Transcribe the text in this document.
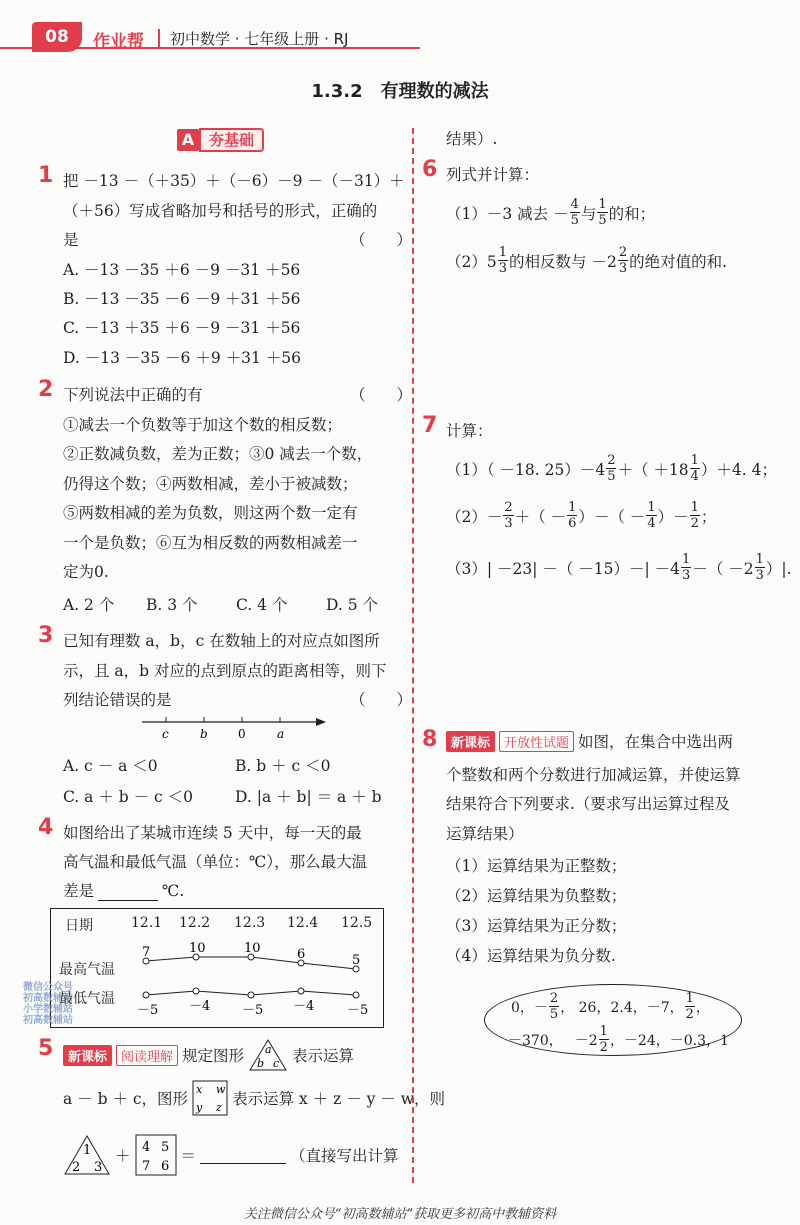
08	作业帮 初中数学 · 七年级上册 · RJ
1.3.2　有理数的减法
A 夯基础
1 把 －13 －（＋35）＋（－6）－9 －（－31）＋
（＋56）写成省略加号和括号的形式，正确的
是	（　　）
A. －13 －35 ＋6 －9 －31 ＋56
B. －13 －35 －6 －9 ＋31 ＋56
C. －13 ＋35 ＋6 －9 －31 ＋56
D. －13 －35 －6 ＋9 ＋31 ＋56
2 下列说法中正确的有	（　　）
①减去一个负数等于加这个数的相反数；
②正数减负数，差为正数；③0 减去一个数，
仍得这个数；④两数相减，差小于被减数；
⑤两数相减的差为负数，则这两个数一定有
一个是负数；⑥互为相反数的两数相减差一
定为0.
A. 2 个 B. 3 个 C. 4 个 D. 5 个
3 已知有理数 a，b，c 在数轴上的对应点如图所
示，且 a，b 对应的点到原点的距离相等，则下
列结论错误的是	（　　）
c	b	0	a
A. c － a ＜0	B. b ＋ c ＜0
C. a ＋ b － c ＜0	D. |a ＋ b| ＝ a ＋ b
4 如图给出了某城市连续 5 天中，每一天的最
高气温和最低气温（单位：℃），那么最大温
差是	℃.
日期	12.1 12.2 12.3 12.4 12.5
最高气温
最低气温
7	10	10	6	5
－5 －4 －5 －4	－5
微信公众号
初高数辅站
小学数辅站
初高数辅站
5	新课标	阅读理解 规定图形 a
b c 表示运算
a － b ＋ c，图形
x w
y z 表示运算 x ＋ z － y － w，则
1
2 3
＋ 4 5
7 6
＝	（直接写出计算
结果）.
6 列式并计算：
（1）－3 减去 － $\frac{4}{5}$ 与 $\frac{1}{5}$ 的和；
$(2)5 \frac{1}{3}$ 的相反数与 $-2 \frac{2}{3}$ 的绝对值的和.
7 计算：
（1）（ －18. $25)-4 \frac{2}{5}$ ＋（ $+18 \frac{1}{4} )+4$. 4；
$(2)- \frac{2}{3}$ ＋（ － $\frac{1}{6}$ ）－（ － $\frac{1}{4}$ ）－ $\frac{1}{2}$ ；
（3）| －23| －（ $-15)-| -4 \frac{1}{3}$ －（ $-2 \frac{1}{3}$ ）|.
8	新课标	开放性试题 如图，在集合中选出两
个整数和两个分数进行加减运算，并使运算
结果符合下列要求.（要求写出运算过程及
运算结果）
（1）运算结果为正整数；
（2）运算结果为负整数；
（3）运算结果为正分数；
（4）运算结果为负分数.
0， － $\frac{2}{5}$ ， 26，2.4，－7， $\frac{1}{2}$ ，
－370， $-2 \frac{1}{2}$ ，－24，－0.3，1
关注微信公众号“初高数辅站”获取更多初高中教辅资料
